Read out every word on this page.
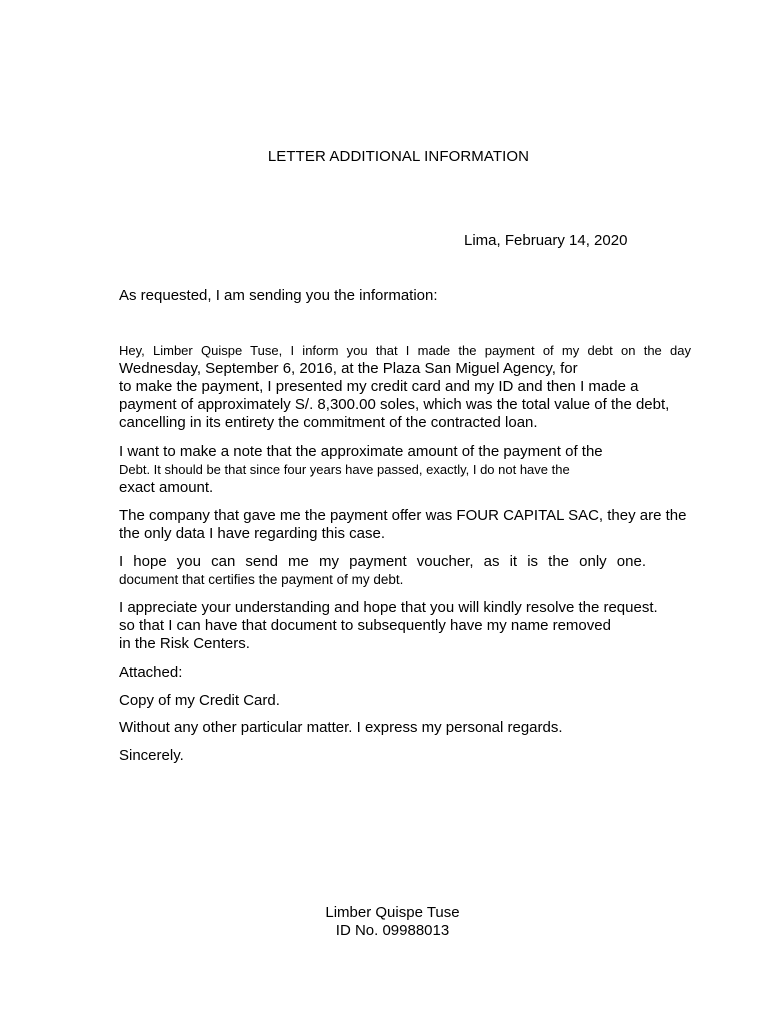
LETTER ADDITIONAL INFORMATION
Lima, February 14, 2020
As requested, I am sending you the information:
Hey, Limber Quispe Tuse, I inform you that I made the payment of my debt on the day
Wednesday, September 6, 2016, at the Plaza San Miguel Agency, for
to make the payment, I presented my credit card and my ID and then I made a
payment of approximately S/. 8,300.00 soles, which was the total value of the debt,
cancelling in its entirety the commitment of the contracted loan.
I want to make a note that the approximate amount of the payment of the
Debt. It should be that since four years have passed, exactly, I do not have the
exact amount.
The company that gave me the payment offer was FOUR CAPITAL SAC, they are the
the only data I have regarding this case.
I hope you can send me my payment voucher, as it is the only one.
document that certifies the payment of my debt.
I appreciate your understanding and hope that you will kindly resolve the request.
so that I can have that document to subsequently have my name removed
in the Risk Centers.
Attached:
Copy of my Credit Card.
Without any other particular matter. I express my personal regards.
Sincerely.
Limber Quispe Tuse
ID No. 09988013
